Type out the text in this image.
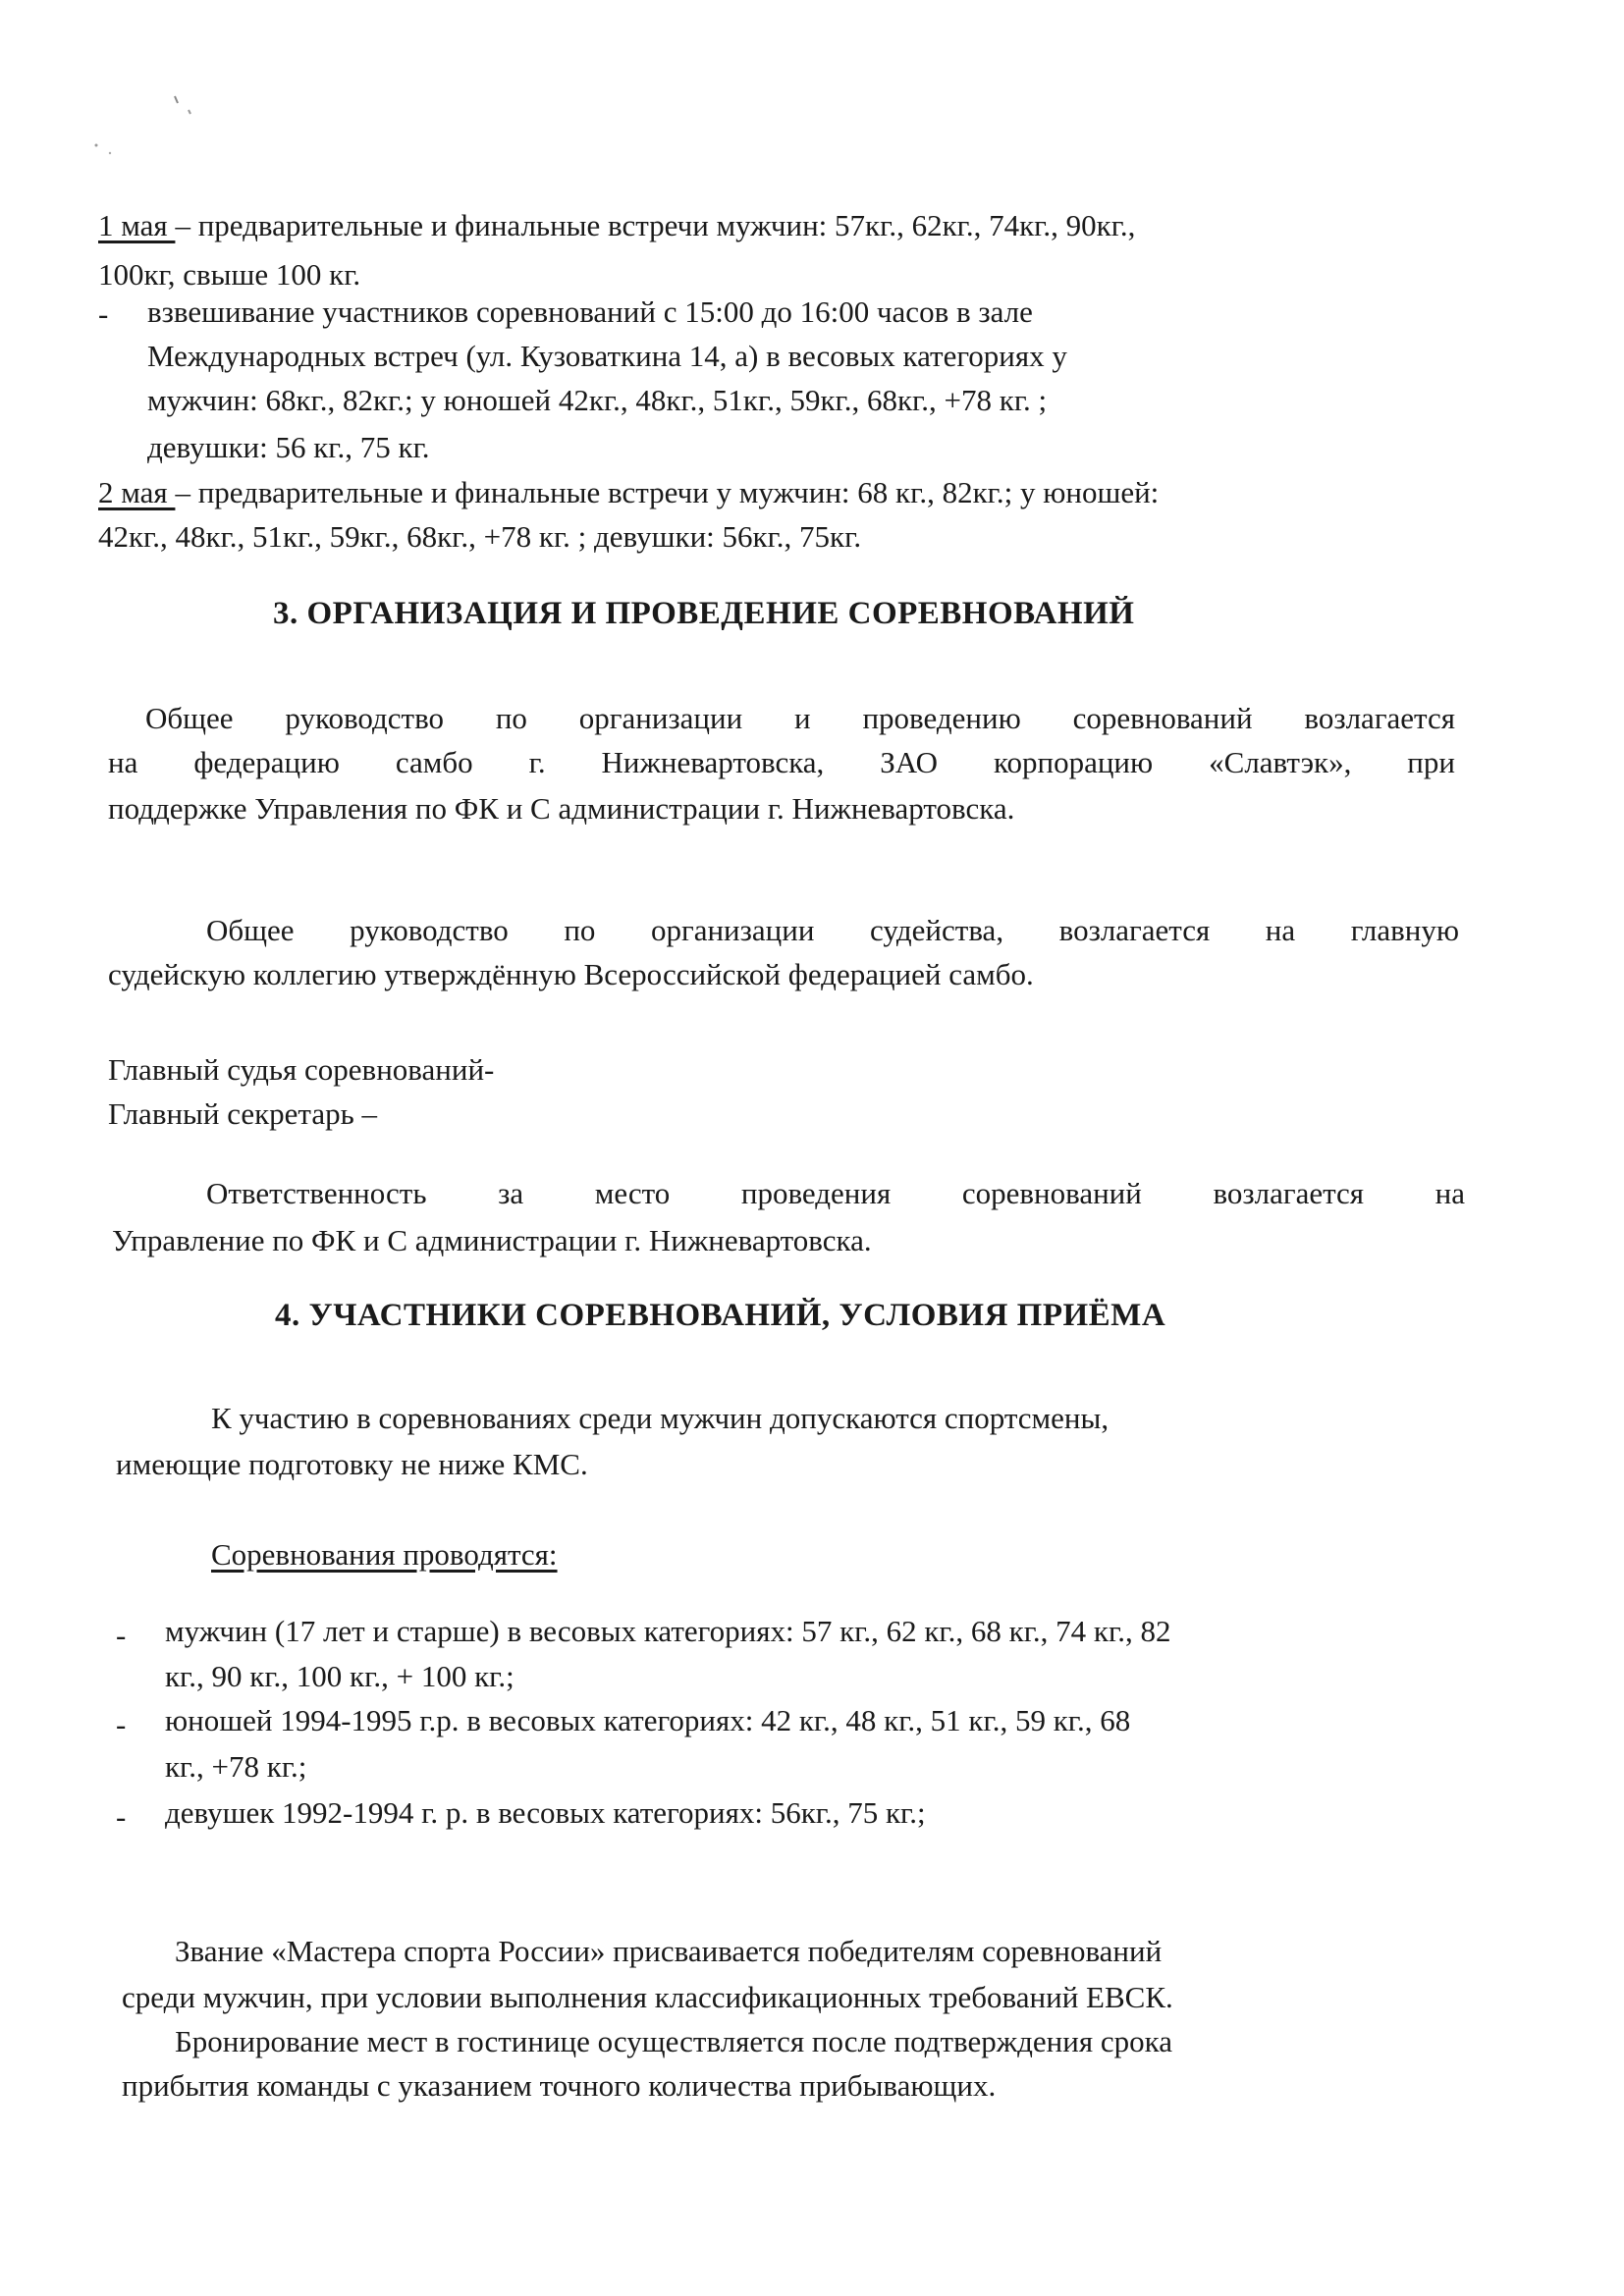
1 мая – предварительные и финальные встречи мужчин: 57кг., 62кг., 74кг., 90кг.,
100кг, свыше 100 кг.
- взвешивание участников соревнований с 15:00 до 16:00 часов в зале
Международных встреч (ул. Кузоваткина 14, а) в весовых категориях у
мужчин: 68кг., 82кг.; у юношей 42кг., 48кг., 51кг., 59кг., 68кг., +78 кг. ;
девушки: 56 кг., 75 кг.
2 мая – предварительные и финальные встречи у мужчин: 68 кг., 82кг.; у юношей:
42кг., 48кг., 51кг., 59кг., 68кг., +78 кг. ; девушки: 56кг., 75кг.
3. ОРГАНИЗАЦИЯ И ПРОВЕДЕНИЕ СОРЕВНОВАНИЙ
Общее руководство по организации и проведению соревнований возлагается
на федерацию самбо г. Нижневартовска, ЗАО корпорацию «Славтэк», при
поддержке Управления по ФК и С администрации г. Нижневартовска.
Общее руководство по организации судейства, возлагается на главную
судейскую коллегию утверждённую Всероссийской федерацией самбо.
Главный судья соревнований-
Главный секретарь –
Ответственность за место проведения соревнований возлагается на
Управление по ФК и С администрации г. Нижневартовска.
4. УЧАСТНИКИ СОРЕВНОВАНИЙ, УСЛОВИЯ ПРИЁМА
К участию в соревнованиях среди мужчин допускаются спортсмены,
имеющие подготовку не ниже КМС.
Соревнования проводятся:
- мужчин (17 лет и старше) в весовых категориях: 57 кг., 62 кг., 68 кг., 74 кг., 82
кг., 90 кг., 100 кг., + 100 кг.;
- юношей 1994-1995 г.р. в весовых категориях: 42 кг., 48 кг., 51 кг., 59 кг., 68
кг., +78 кг.;
- девушек 1992-1994 г. р. в весовых категориях: 56кг., 75 кг.;
Звание «Мастера спорта России» присваивается победителям соревнований
среди мужчин, при условии выполнения классификационных требований ЕВСК.
Бронирование мест в гостинице осуществляется после подтверждения срока
прибытия команды с указанием точного количества прибывающих.
